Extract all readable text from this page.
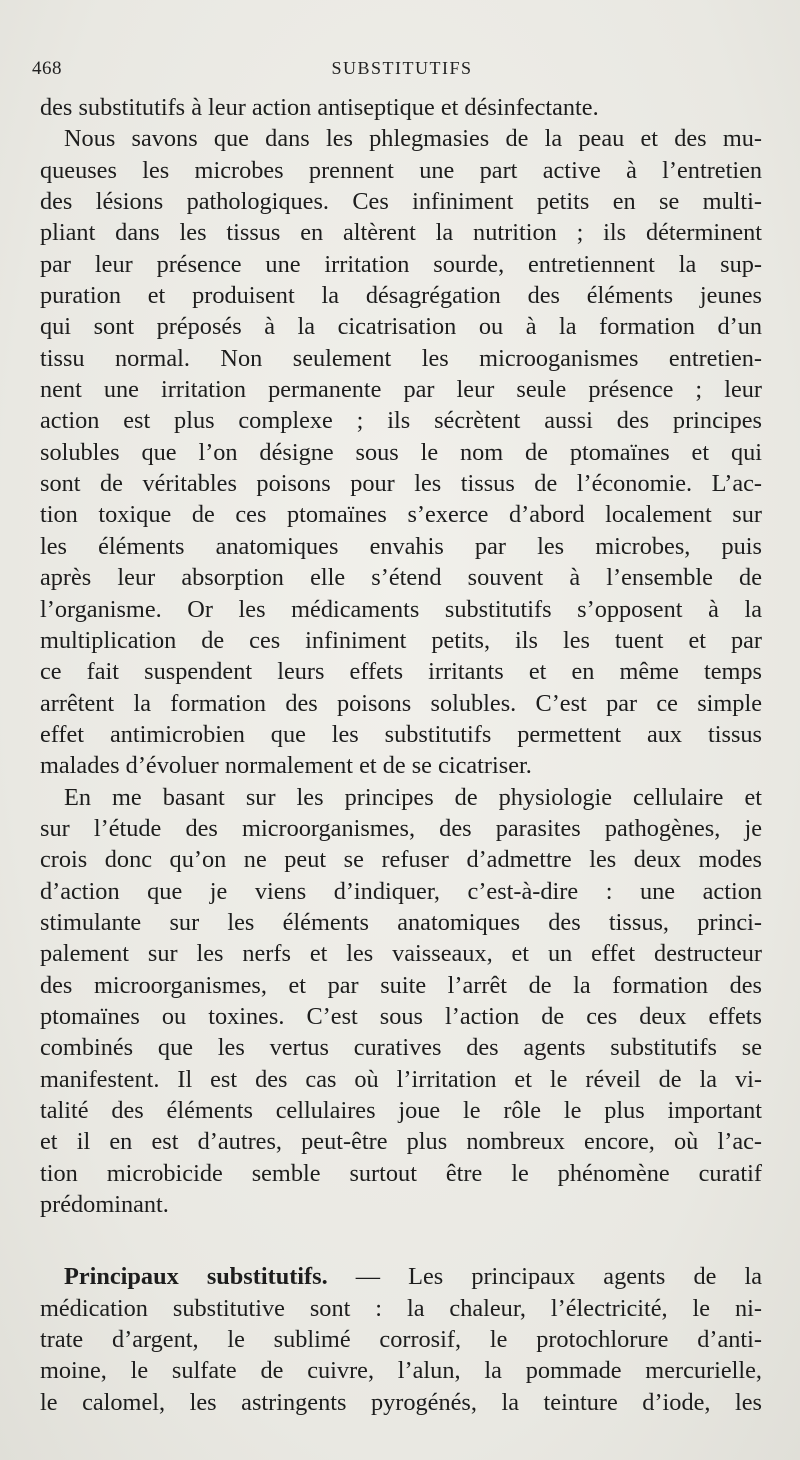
468	SUBSTITUTIFS
des substitutifs à leur action antiseptique et désinfectante.
Nous savons que dans les phlegmasies de la peau et des mu-
queuses les microbes prennent une part active à l’entretien
des lésions pathologiques. Ces infiniment petits en se multi-
pliant dans les tissus en altèrent la nutrition ; ils déterminent
par leur présence une irritation sourde, entretiennent la sup-
puration et produisent la désagrégation des éléments jeunes
qui sont préposés à la cicatrisation ou à la formation d’un
tissu normal. Non seulement les microoganismes entretien-
nent une irritation permanente par leur seule présence ; leur
action est plus complexe ; ils sécrètent aussi des principes
solubles que l’on désigne sous le nom de ptomaïnes et qui
sont de véritables poisons pour les tissus de l’économie. L’ac-
tion toxique de ces ptomaïnes s’exerce d’abord localement sur
les éléments anatomiques envahis par les microbes, puis
après leur absorption elle s’étend souvent à l’ensemble de
l’organisme. Or les médicaments substitutifs s’opposent à la
multiplication de ces infiniment petits, ils les tuent et par
ce fait suspendent leurs effets irritants et en même temps
arrêtent la formation des poisons solubles. C’est par ce simple
effet antimicrobien que les substitutifs permettent aux tissus
malades d’évoluer normalement et de se cicatriser.
En me basant sur les principes de physiologie cellulaire et
sur l’étude des microorganismes, des parasites pathogènes, je
crois donc qu’on ne peut se refuser d’admettre les deux modes
d’action que je viens d’indiquer, c’est-à-dire : une action
stimulante sur les éléments anatomiques des tissus, princi-
palement sur les nerfs et les vaisseaux, et un effet destructeur
des microorganismes, et par suite l’arrêt de la formation des
ptomaïnes ou toxines. C’est sous l’action de ces deux effets
combinés que les vertus curatives des agents substitutifs se
manifestent. Il est des cas où l’irritation et le réveil de la vi-
talité des éléments cellulaires joue le rôle le plus important
et il en est d’autres, peut-être plus nombreux encore, où l’ac-
tion microbicide semble surtout être le phénomène curatif
prédominant.
Principaux substitutifs. — Les principaux agents de la
médication substitutive sont : la chaleur, l’électricité, le ni-
trate d’argent, le sublimé corrosif, le protochlorure d’anti-
moine, le sulfate de cuivre, l’alun, la pommade mercurielle,
le calomel, les astringents pyrogénés, la teinture d’iode, les
